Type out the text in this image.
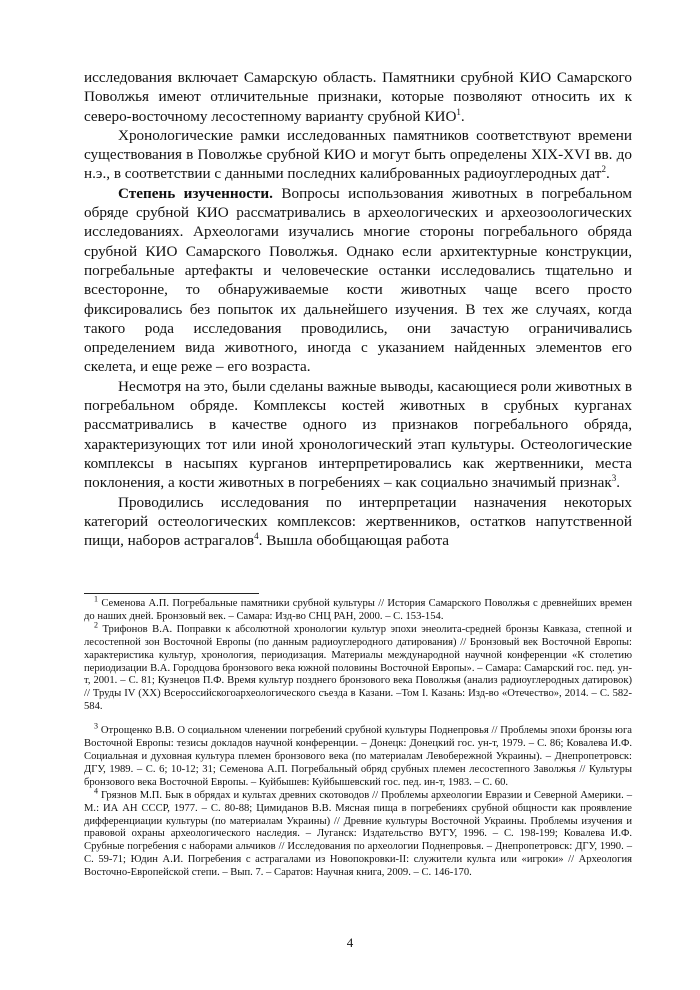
исследования включает Самарскую область. Памятники срубной КИО Самарского Поволжья имеют отличительные признаки, которые позволяют относить их к северо-восточному лесостепному варианту срубной КИО$^1$.

Хронологические рамки исследованных памятников соответствуют времени существования в Поволжье срубной КИО и могут быть определены XIX-XVI вв. до н.э., в соответствии с данными последних калиброванных радиоуглеродных дат$^2$.

Степень изученности. Вопросы использования животных в погребальном обряде срубной КИО рассматривались в археологических и археозоологических исследованиях. Археологами изучались многие стороны погребального обряда срубной КИО Самарского Поволжья. Однако если архитектурные конструкции, погребальные артефакты и человеческие останки исследовались тщательно и всесторонне, то обнаруживаемые кости животных чаще всего просто фиксировались без попыток их дальнейшего изучения. В тех же случаях, когда такого рода исследования проводились, они зачастую ограничивались определением вида животного, иногда с указанием найденных элементов его скелета, и еще реже – его возраста.

Несмотря на это, были сделаны важные выводы, касающиеся роли животных в погребальном обряде. Комплексы костей животных в срубных курганах рассматривались в качестве одного из признаков погребального обряда, характеризующих тот или иной хронологический этап культуры. Остеологические комплексы в насыпях курганов интерпретировались как жертвенники, места поклонения, а кости животных в погребениях – как социально значимый признак$^3$.

Проводились исследования по интерпретации назначения некоторых категорий остеологических комплексов: жертвенников, остатков напутственной пищи, наборов астрагалов$^4$. Вышла обобщающая работа

$^1$ Семенова А.П. Погребальные памятники срубной культуры // История Самарского Поволжья с древнейших времен до наших дней. Бронзовый век. – Самара: Изд-во СНЦ РАН, 2000. – С. 153-154.

$^2$ Трифонов В.А. Поправки к абсолютной хронологии культур эпохи энеолита-средней бронзы Кавказа, степной и лесостепной зон Восточной Европы (по данным радиоуглеродного датирования) // Бронзовый век Восточной Европы: характеристика культур, хронология, периодизация. Материалы международной научной конференции «К столетию периодизации В.А. Городцова бронзового века южной половины Восточной Европы». – Самара: Самарский гос. пед. ун-т, 2001. – С. 81; Кузнецов П.Ф. Время культур позднего бронзового века Поволжья (анализ радиоуглеродных датировок) // Труды IV (XX) Всероссийскогоархеологического съезда в Казани. –Том I. Казань: Изд-во «Отечество», 2014. – С. 582-584.

$^3$ Отрощенко В.В. О социальном членении погребений срубной культуры Поднепровья // Проблемы эпохи бронзы юга Восточной Европы: тезисы докладов научной конференции. – Донецк: Донецкий гос. ун-т, 1979. – С. 86; Ковалева И.Ф. Социальная и духовная культура племен бронзового века (по материалам Левобережной Украины). – Днепропетровск: ДГУ, 1989. – С. 6; 10-12; 31; Семенова А.П. Погребальный обряд срубных племен лесостепного Заволжья // Культуры бронзового века Восточной Европы. – Куйбышев: Куйбышевский гос. пед. ин-т, 1983. – С. 60.

$^4$ Грязнов М.П. Бык в обрядах и культах древних скотоводов // Проблемы археологии Евразии и Северной Америки. – М.: ИА АН СССР, 1977. – С. 80-88; Цимиданов В.В. Мясная пища в погребениях срубной общности как проявление дифференциации культуры (по материалам Украины) // Древние культуры Восточной Украины. Проблемы изучения и правовой охраны археологического наследия. – Луганск: Издательство ВУГУ, 1996. – С. 198-199; Ковалева И.Ф. Срубные погребения с наборами альчиков // Исследования по археологии Поднепровья. – Днепропетровск: ДГУ, 1990. – С. 59-71; Юдин А.И. Погребения с астрагалами из Новопокровки-II: служители культа или «игроки» // Археология Восточно-Европейской степи. – Вып. 7. – Саратов: Научная книга, 2009. – С. 146-170.

4
